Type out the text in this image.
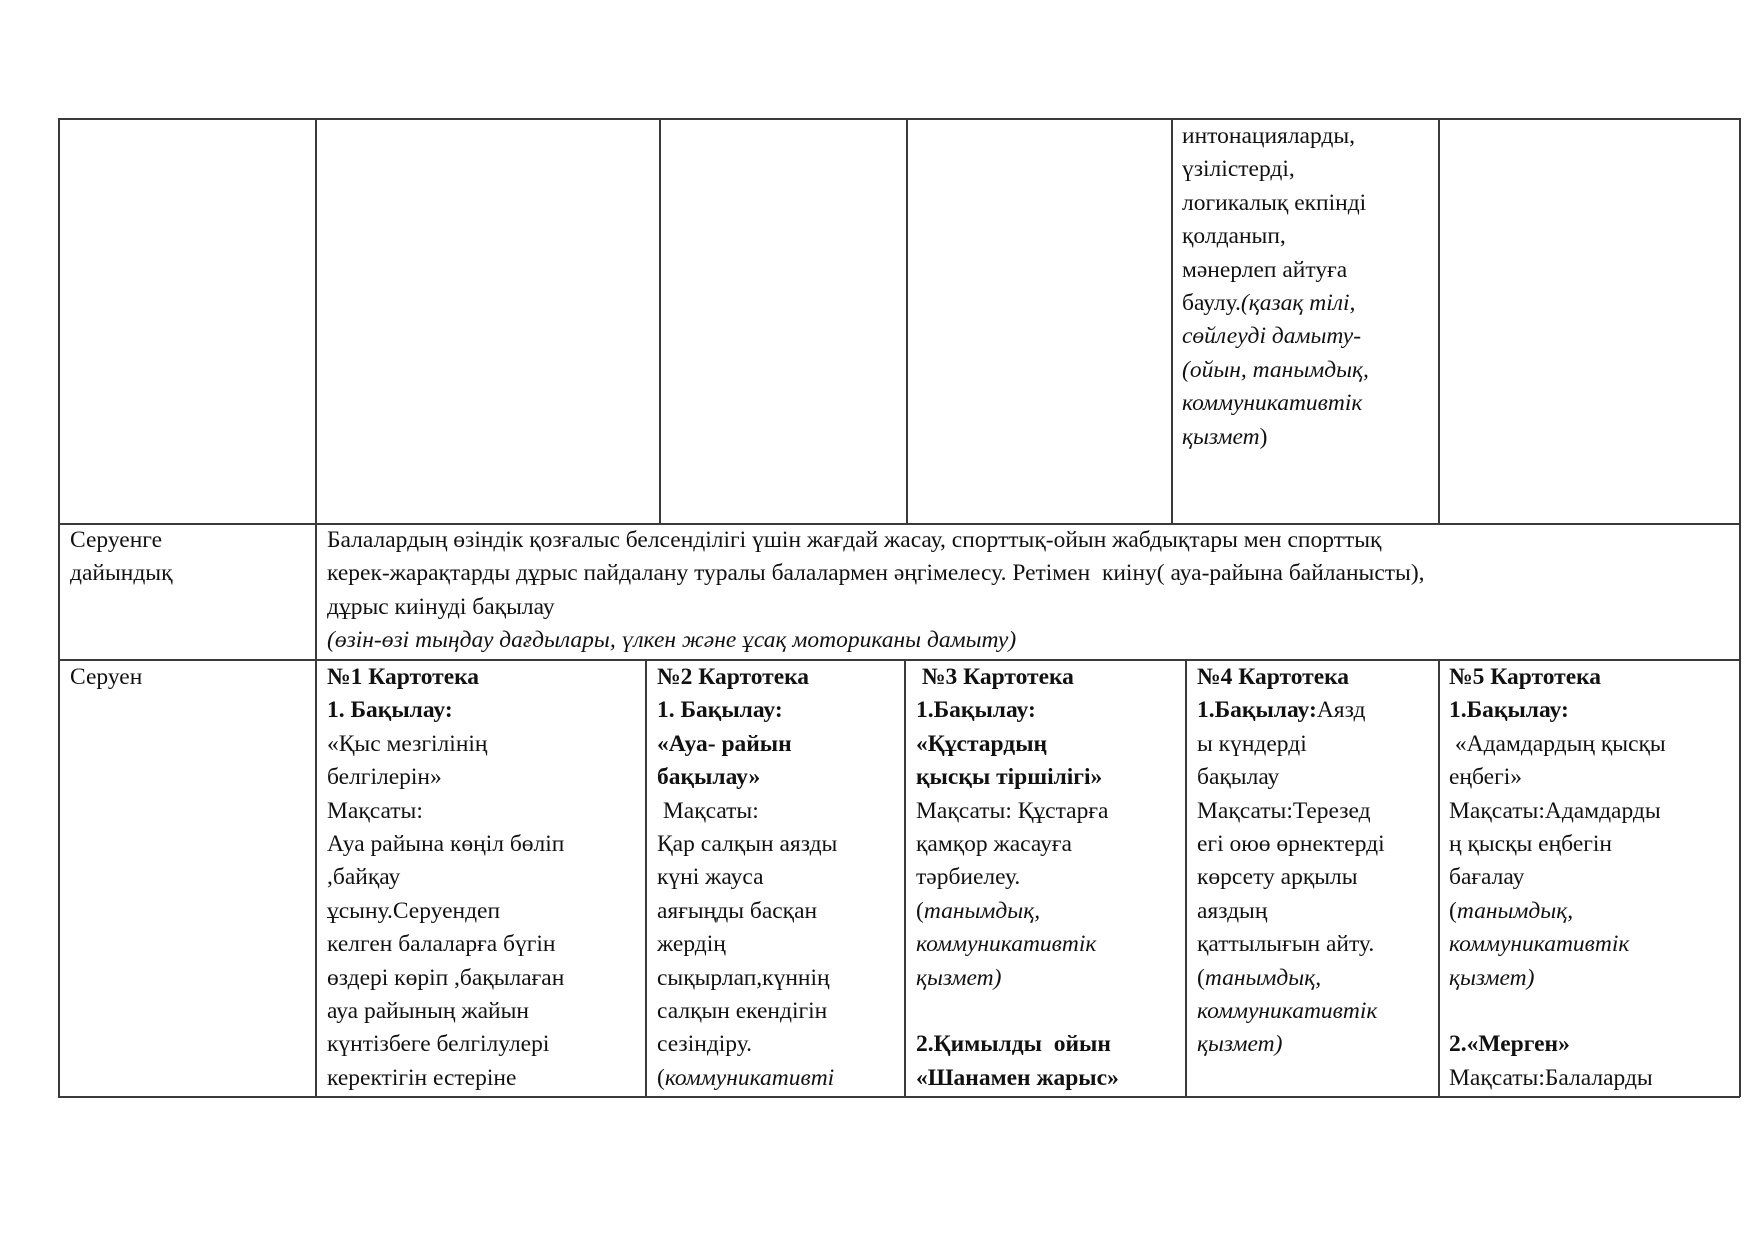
интонацияларды,
үзілістерді,
логикалық екпінді
қолданып,
мәнерлеп айтуға
баулу.(қазақ тілі,
сөйлеуді дамыту-
(ойын, танымдық,
коммуникативтік
қызмет)
Серуенге
дайындық
Балалардың өзіндік қозғалыс белсенділігі үшін жағдай жасау, спорттық-ойын жабдықтары мен спорттық
керек-жарақтарды дұрыс пайдалану туралы балалармен әңгімелесу. Ретімен  киіну( ауа-райына байланысты),
дұрыс киінуді бақылау
(өзін-өзі тыңдау дағдылары, үлкен және ұсақ моториканы дамыту)
Серуен	№1 Картотека
1. Бақылау:
«Қыс мезгілінің
белгілерін»
Мақсаты:
Ауа райына көңіл бөліп
,байқау
ұсыну.Серуендеп
келген балаларға бүгін
өздері көріп ,бақылаған
ауа райының жайын
күнтізбеге белгілулері
керектігін естеріне
№2 Картотека
1. Бақылау:
«Ауа- райын
бақылау»
Мақсаты:
Қар салқын аязды
күні жауса
аяғыңды басқан
жердің
сықырлап,күннің
салқын екендігін
сезіндіру.
(коммуникативті
№3 Картотека
1.Бақылау:
«Құстардың
қысқы тіршілігі»
Мақсаты: Құстарға
қамқор жасауға
тәрбиелеу.
(танымдық,
коммуникативтік
қызмет)

2.Қимылды  ойын
«Шанамен жарыс»
№4 Картотека
1.Бақылау:Аязд
ы күндерді
бақылау
Мақсаты:Терезед
егі оюө өрнектерді
көрсету арқылы
аяздың
қаттылығын айту.
(танымдық,
коммуникативтік
қызмет)
№5 Картотека
1.Бақылау:
«Адамдардың қысқы
еңбегі»
Мақсаты:Адамдарды
ң қысқы еңбегін
бағалау
(танымдық,
коммуникативтік
қызмет)

2.«Мерген»
Мақсаты:Балаларды
